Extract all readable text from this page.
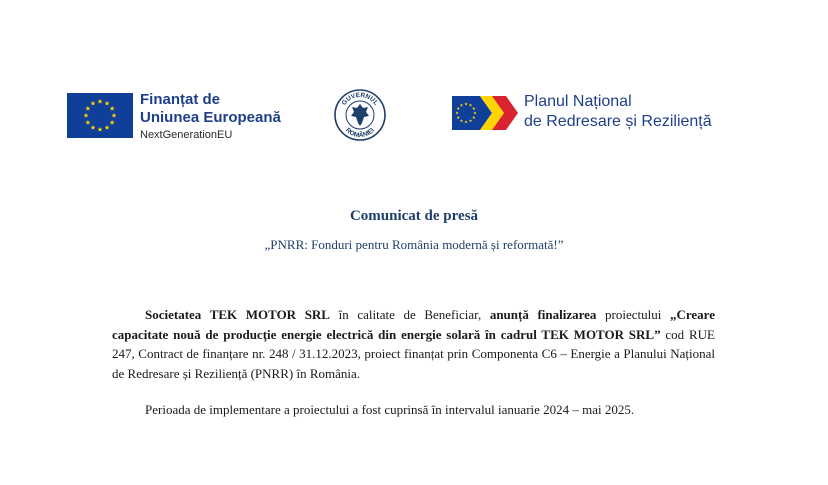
Finanțat de
Uniunea Europeană
NextGenerationEU
GUVERNUL
ROMÂNIEI
Planul Național
de Redresare și Reziliență
Comunicat de presă
„PNRR: Fonduri pentru România modernă și reformată!”

Societatea TEK MOTOR SRL în calitate de Beneficiar, anunță finalizarea proiectului „Creare capacitate nouă de producție energie electrică din energie solară în cadrul TEK MOTOR SRL” cod RUE 247, Contract de finanțare nr. 248 / 31.12.2023, proiect finanțat prin Componenta C6 – Energie a Planului Național de Redresare și Reziliență (PNRR) în România.

Perioada de implementare a proiectului a fost cuprinsă în intervalul ianuarie 2024 – mai 2025.
